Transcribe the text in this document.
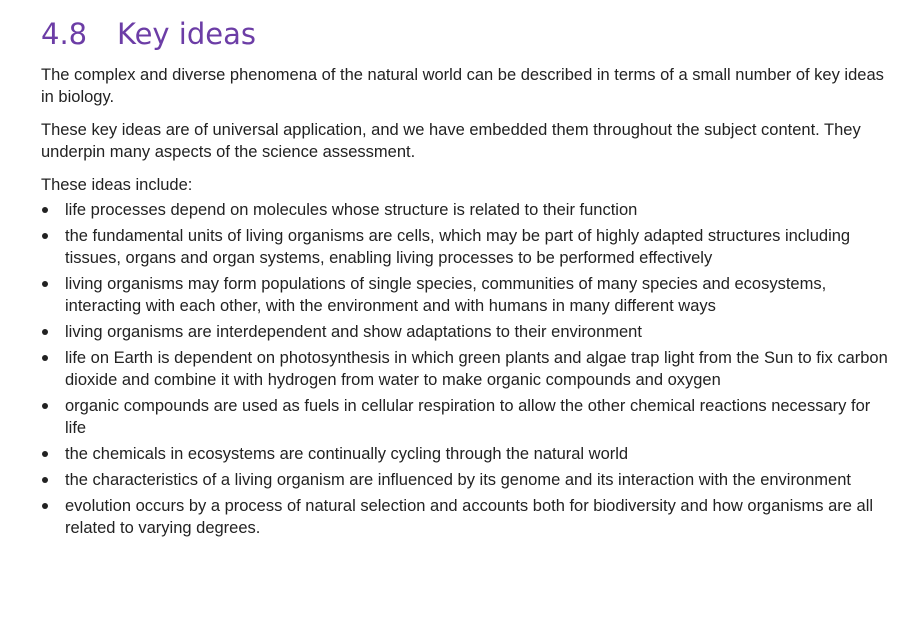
4.8	Key ideas

The complex and diverse phenomena of the natural world can be described in terms of a small number of key ideas in biology.

These key ideas are of universal application, and we have embedded them throughout the subject content. They underpin many aspects of the science assessment.

These ideas include:

life processes depend on molecules whose structure is related to their function
the fundamental units of living organisms are cells, which may be part of highly adapted structures including tissues, organs and organ systems, enabling living processes to be performed effectively
living organisms may form populations of single species, communities of many species and ecosystems, interacting with each other, with the environment and with humans in many different ways
living organisms are interdependent and show adaptations to their environment
life on Earth is dependent on photosynthesis in which green plants and algae trap light from the Sun to fix carbon dioxide and combine it with hydrogen from water to make organic compounds and oxygen
organic compounds are used as fuels in cellular respiration to allow the other chemical reactions necessary for life
the chemicals in ecosystems are continually cycling through the natural world
the characteristics of a living organism are influenced by its genome and its interaction with the environment
evolution occurs by a process of natural selection and accounts both for biodiversity and how organisms are all related to varying degrees.
